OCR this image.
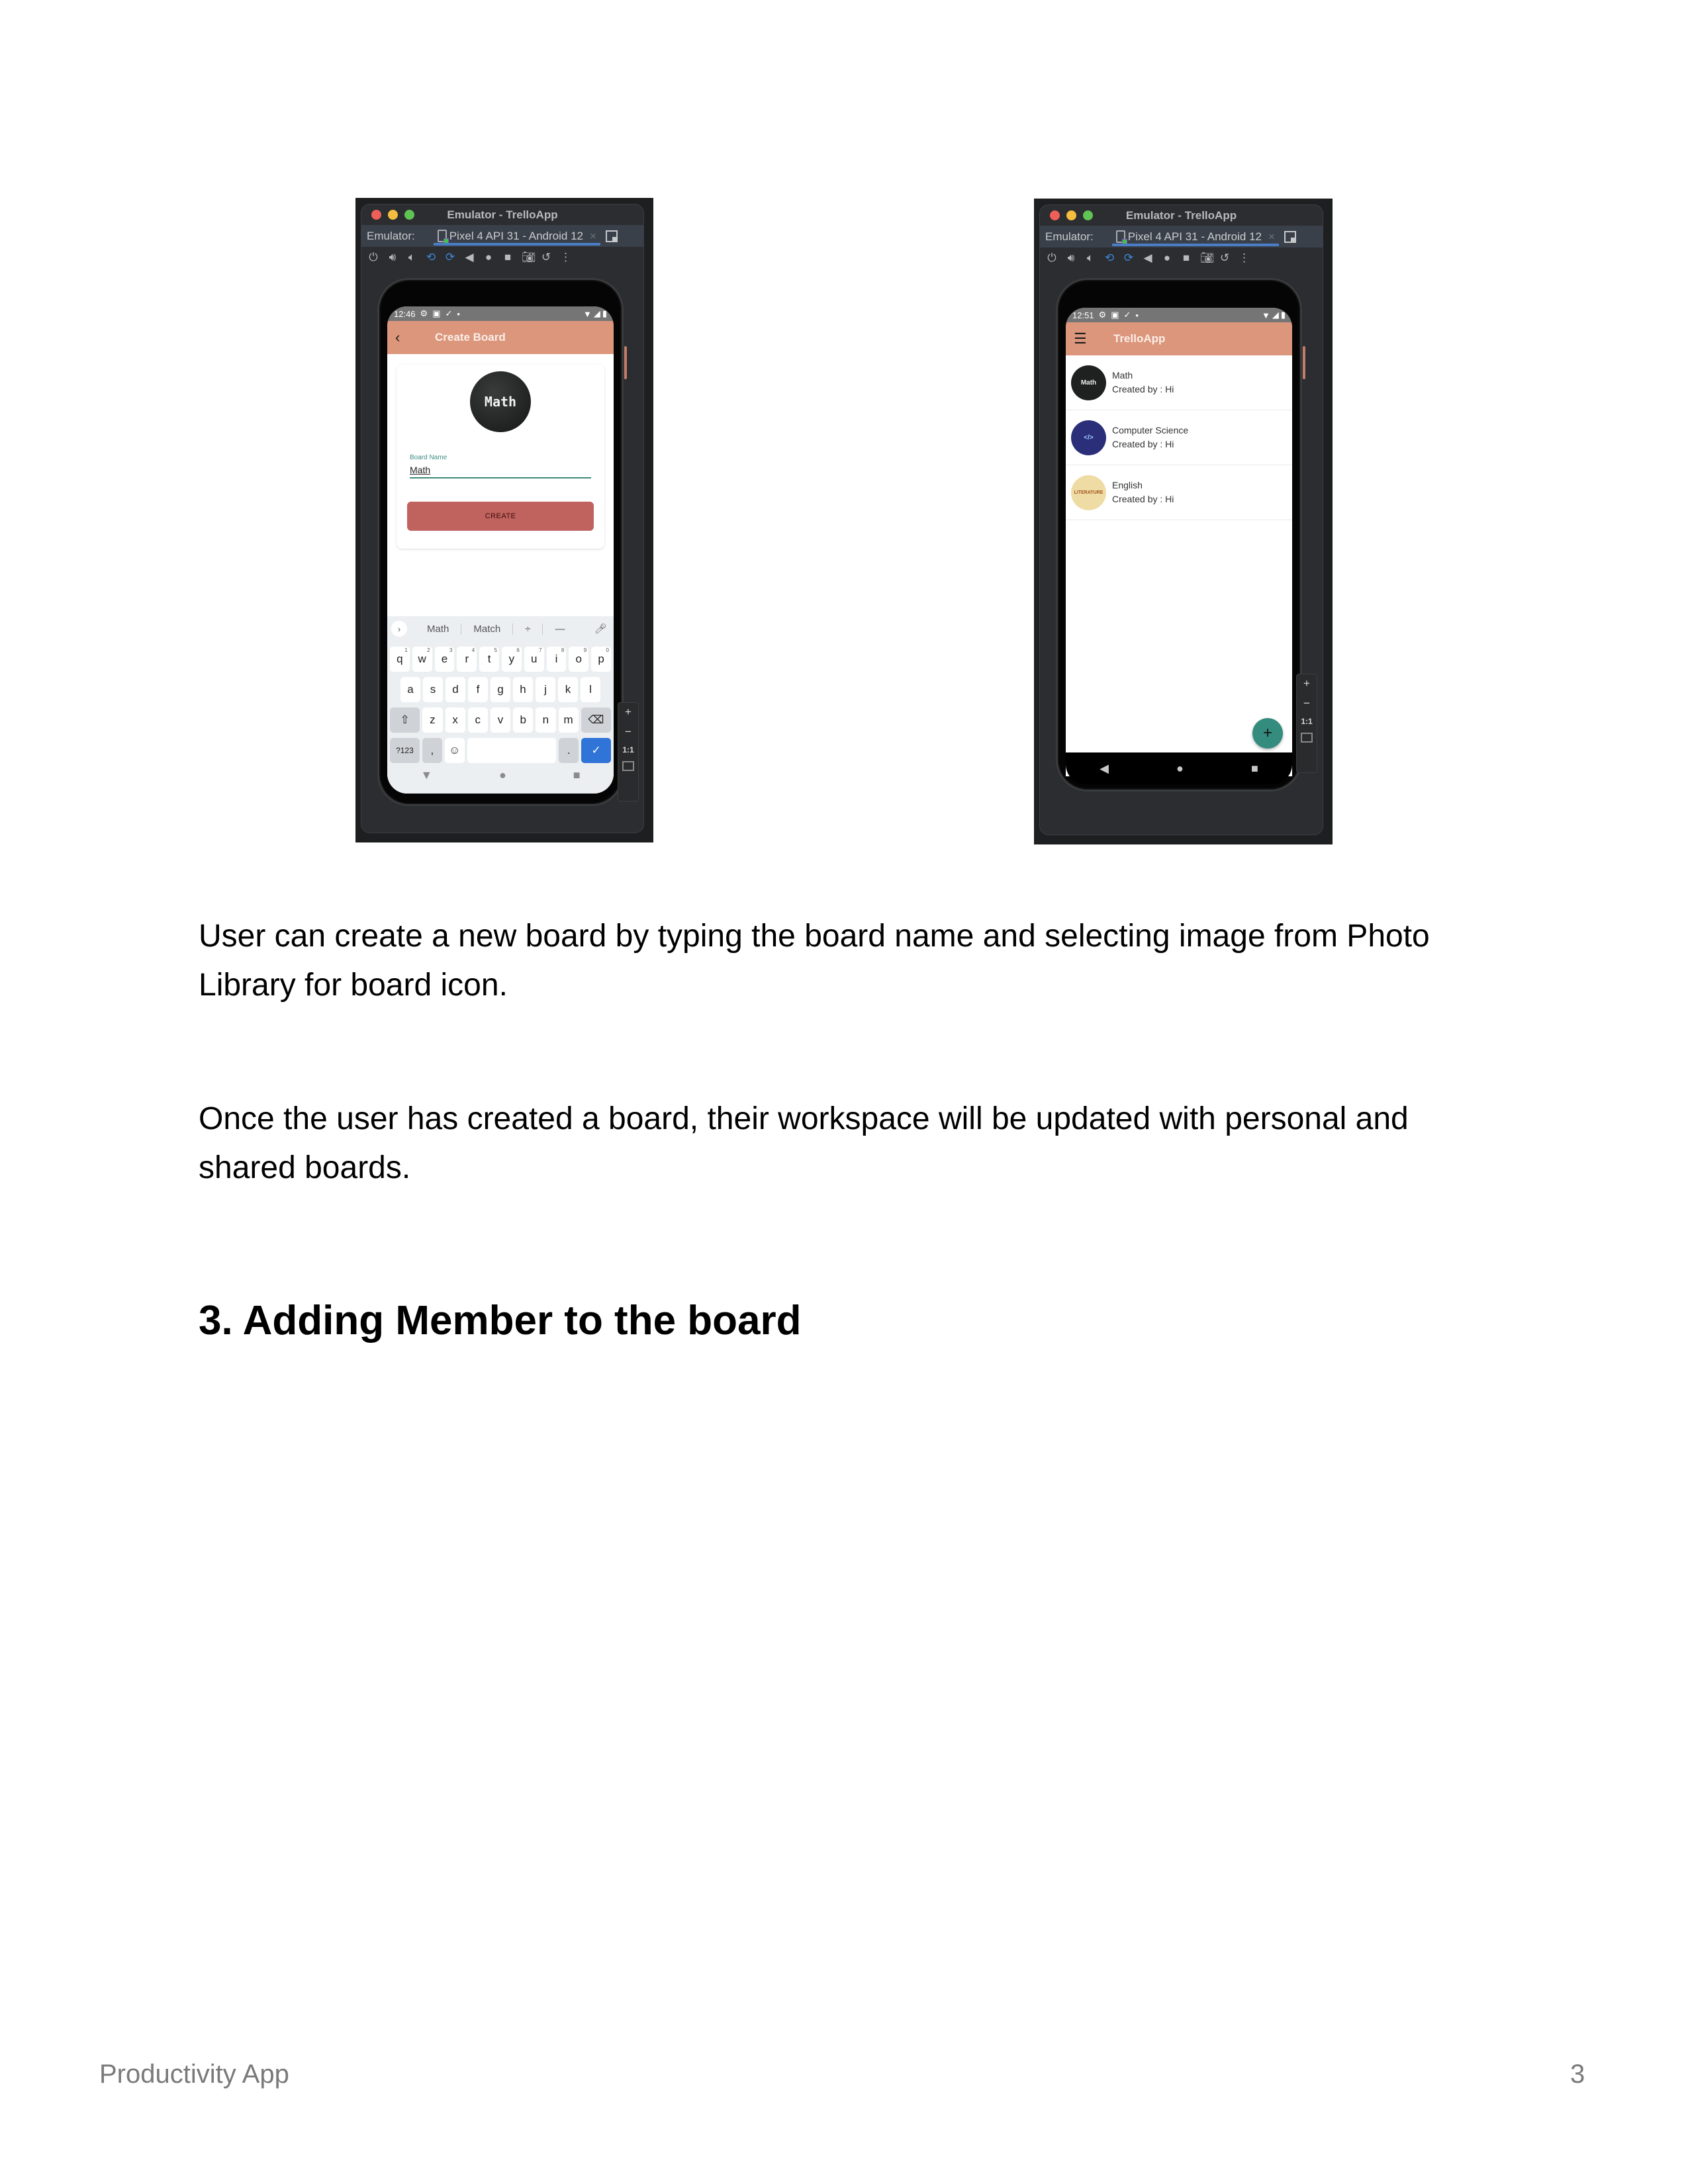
Emulator - TrelloApp
Emulator:	Pixel 4 API 31 - Android 12 ×
⏻ 🔊︎ 🔈︎ ⟲ ⟳ ◀ ● ■ 📷︎ ↺ ⋮
12:46 ⚙ ▣ ✓ •	▼ ◢ ▮
‹	Create Board
Math
Board Name
Math
CREATE
›	Math	Match	÷	—	🎤︎
q
$^1$
w
$^2$
e
$^3$
r
$^4$
t
$^5$
y
$^6$
u
$^7$
i
$^8$
o
$^9$
p
$^0$
a	s	d	f	g	h	j	k	l
⇧	z	x	c	v	b	n	m	⌫
?123	,	☺	.	✓
▼	●	■
+
−
1:1
Emulator - TrelloApp
Emulator:	Pixel 4 API 31 - Android 12 ×
⏻ 🔊︎ 🔈︎ ⟲ ⟳ ◀ ● ■ 📷︎ ↺ ⋮
12:51 ⚙ ▣ ✓ •	▼ ◢ ▮
☰	TrelloApp
Math
Math
Created by : Hi
</>
Computer Science
Created by : Hi
LITERATURE
English
Created by : Hi
+
◀	●	■
+
−
1:1

User can create a new board by typing the board name and selecting image from Photo Library for board icon.

Once the user has created a board, their workspace will be updated with personal and shared boards.

3. Adding Member to the board
Productivity App	3
